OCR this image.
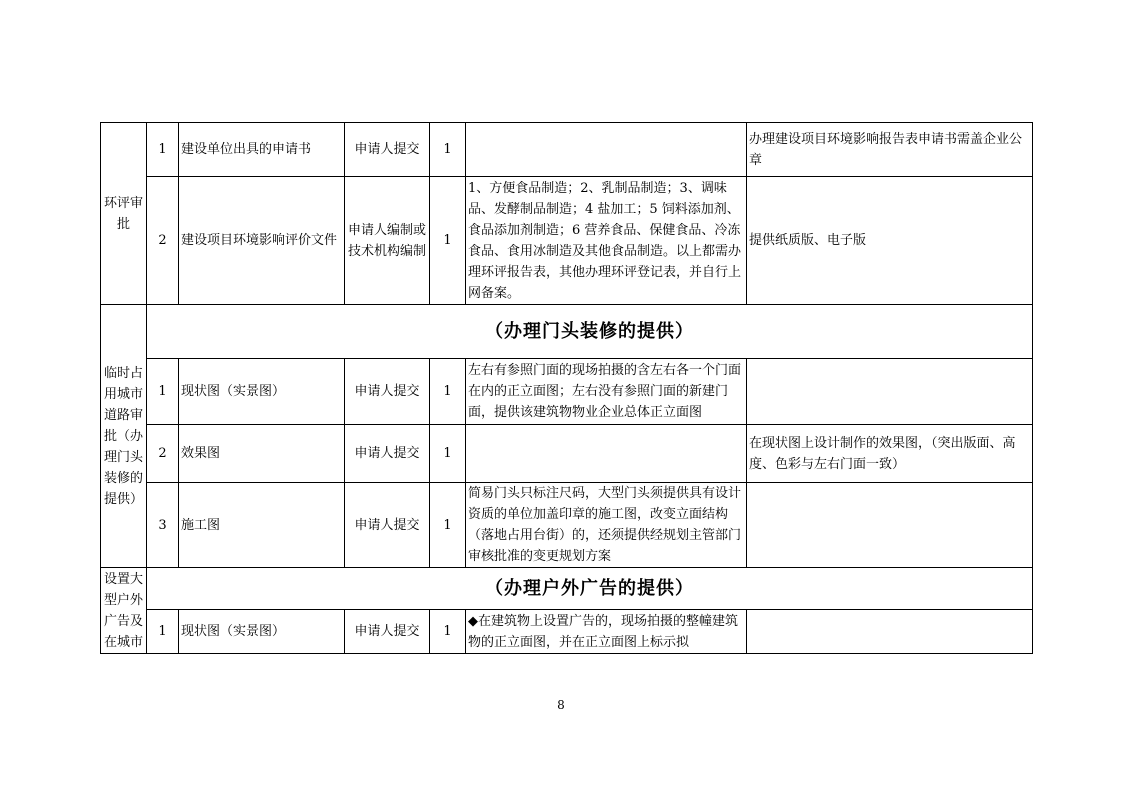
环评审批	1	建设单位出具的申请书	申请人提交	1		办理建设项目环境影响报告表申请书需盖企业公章
	2	建设项目环境影响评价文件	申请人编制或技术机构编制	1	1、方便食品制造；2、乳制品制造；3、调味品、发酵制品制造；4 盐加工；5 饲料添加剂、食品添加剂制造；6 营养食品、保健食品、冷冻食品、食用冰制造及其他食品制造。以上都需办理环评报告表，其他办理环评登记表，并自行上网备案。	提供纸质版、电子版
临时占用城市道路审批（办理门头装修的提供）	（办理门头装修的提供）					
	1	现状图（实景图）	申请人提交	1	左右有参照门面的现场拍摄的含左右各一个门面在内的正立面图；左右没有参照门面的新建门面，提供该建筑物物业企业总体正立面图	
	2	效果图	申请人提交	1		在现状图上设计制作的效果图，（突出版面、高度、色彩与左右门面一致）
	3	施工图	申请人提交	1	简易门头只标注尺码，大型门头须提供具有设计资质的单位加盖印章的施工图，改变立面结构（落地占用台街）的，还须提供经规划主管部门审核批准的变更规划方案	
设置大型户外广告及在城市	（办理户外广告的提供）					
	1	现状图（实景图）	申请人提交	1	◆在建筑物上设置广告的，现场拍摄的整幢建筑物的正立面图，并在正立面图上标示拟	
8
